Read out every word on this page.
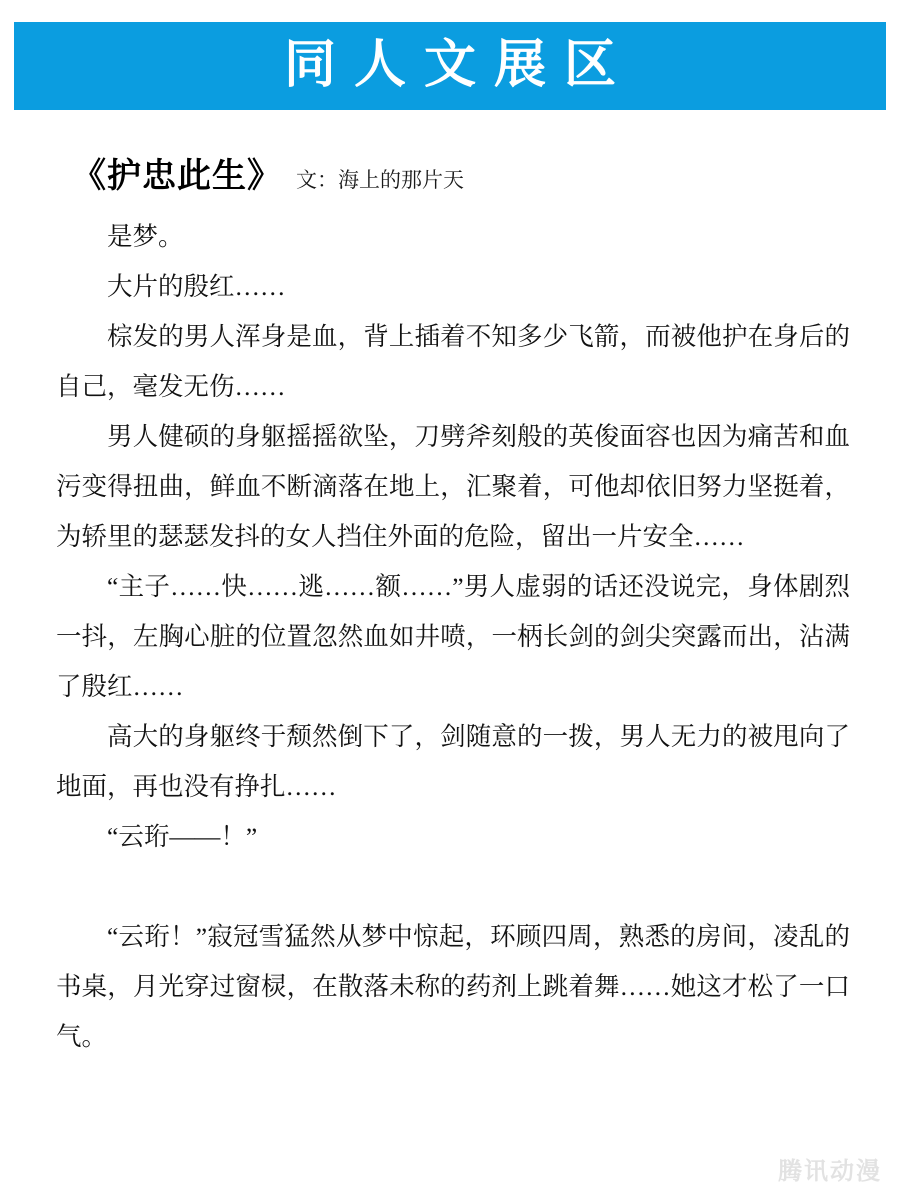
同人文展区
《护忠此生》 文：海上的那片天

是梦。

大片的殷红……

棕发的男人浑身是血，背上插着不知多少飞箭，而被他护在身后的自己，毫发无伤……

男人健硕的身躯摇摇欲坠，刀劈斧刻般的英俊面容也因为痛苦和血污变得扭曲，鲜血不断滴落在地上，汇聚着，可他却依旧努力坚挺着，为轿里的瑟瑟发抖的女人挡住外面的危险，留出一片安全……

“主子……快……逃……额……”男人虚弱的话还没说完，身体剧烈一抖，左胸心脏的位置忽然血如井喷，一柄长剑的剑尖突露而出，沾满了殷红……

高大的身躯终于颓然倒下了，剑随意的一拨，男人无力的被甩向了地面，再也没有挣扎……

“云珩——！”

“云珩！”寂冠雪猛然从梦中惊起，环顾四周，熟悉的房间，凌乱的书桌，月光穿过窗棂，在散落未称的药剂上跳着舞……她这才松了一口气。

腾讯动漫
